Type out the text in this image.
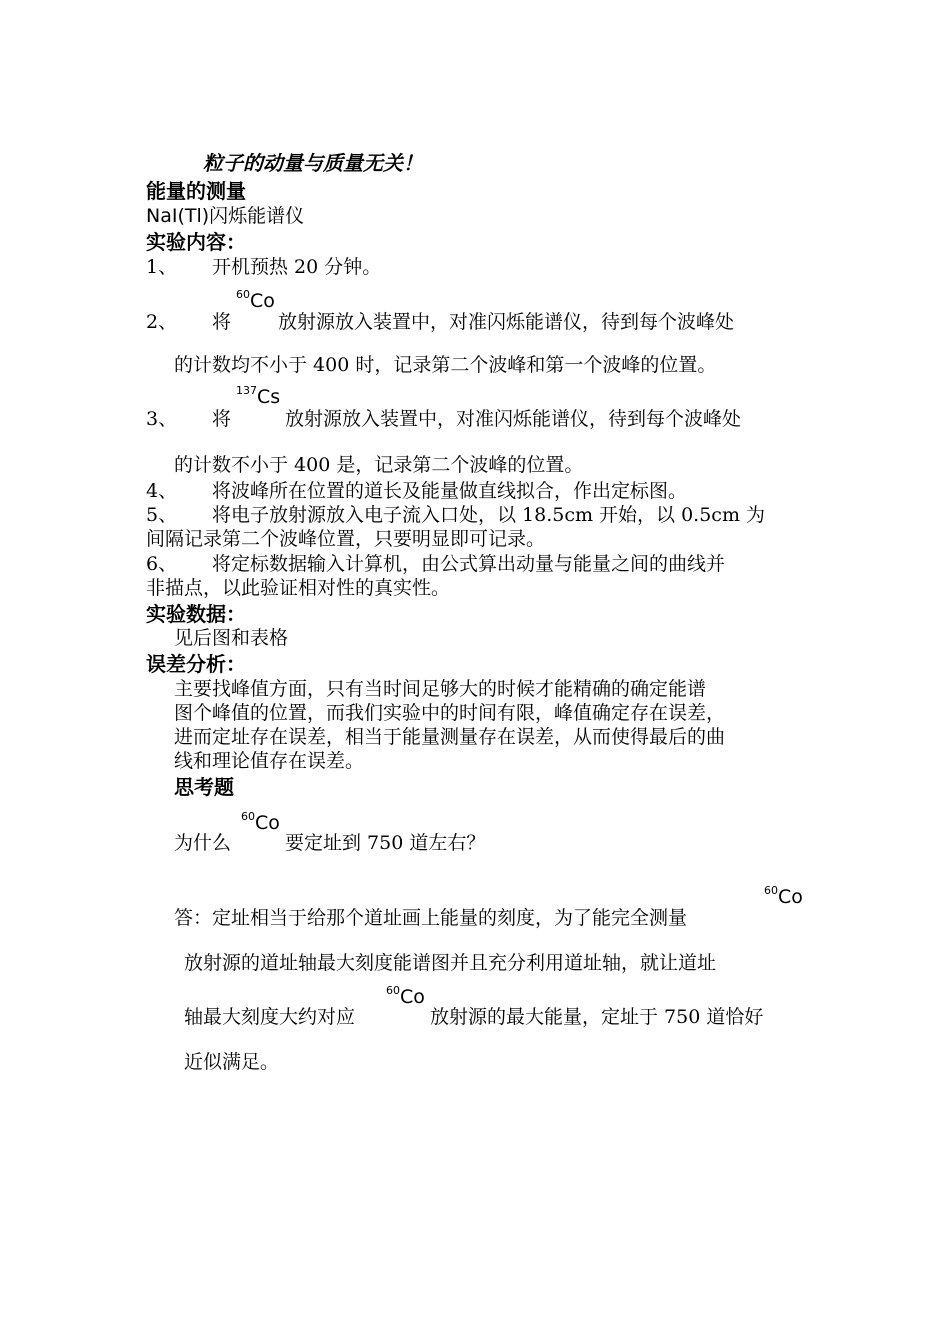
粒子的动量与质量无关！
能量的测量
NaI(Tl)闪烁能谱仪
实验内容：
1、 开机预热 20 分钟。
2、 将
$^{60}$Co
放射源放入装置中，对准闪烁能谱仪，待到每个波峰处
的计数均不小于 400 时，记录第二个波峰和第一个波峰的位置。
3、 将
$^{137}$Cs
放射源放入装置中，对准闪烁能谱仪，待到每个波峰处
的计数不小于 400 是，记录第二个波峰的位置。
4、 将波峰所在位置的道长及能量做直线拟合，作出定标图。
5、 将电子放射源放入电子流入口处，以 18.5cm 开始，以 0.5cm 为
间隔记录第二个波峰位置，只要明显即可记录。
6、 将定标数据输入计算机，由公式算出动量与能量之间的曲线并
非描点，以此验证相对性的真实性。
实验数据：
见后图和表格
误差分析：
主要找峰值方面，只有当时间足够大的时候才能精确的确定能谱
图个峰值的位置，而我们实验中的时间有限，峰值确定存在误差，
进而定址存在误差，相当于能量测量存在误差，从而使得最后的曲
线和理论值存在误差。
思考题
为什么
$^{60}$Co
要定址到 750 道左右？
答：定址相当于给那个道址画上能量的刻度，为了能完全测量
$^{60}$Co
放射源的道址轴最大刻度能谱图并且充分利用道址轴，就让道址
轴最大刻度大约对应
$^{60}$Co
放射源的最大能量，定址于 750 道恰好
近似满足。
